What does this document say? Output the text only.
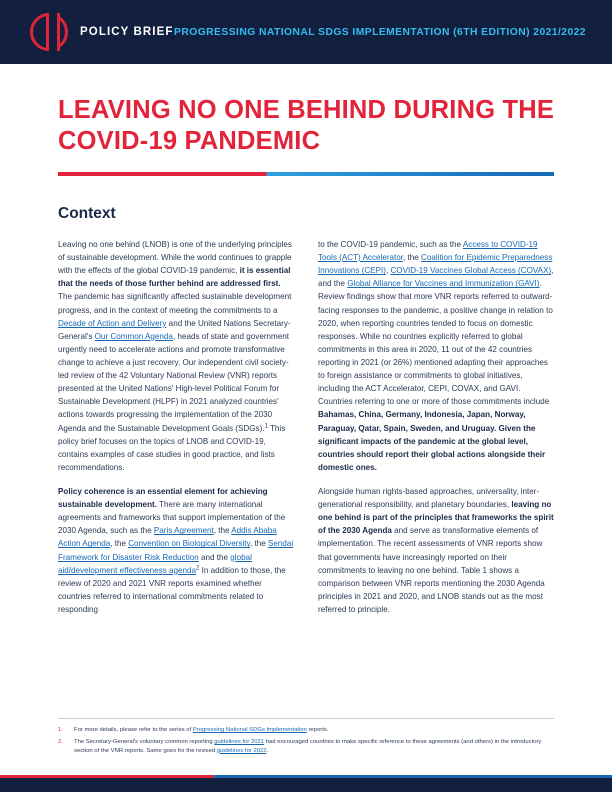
POLICY BRIEF PROGRESSING NATIONAL SDGS IMPLEMENTATION (6TH EDITION) 2021/2022
LEAVING NO ONE BEHIND DURING THE
COVID-19 PANDEMIC
Context

Leaving no one behind (LNOB) is one of the underlying principles of sustainable development. While the world continues to grapple with the effects of the global COVID-19 pandemic, it is essential that the needs of those further behind are addressed first. The pandemic has significantly affected sustainable development progress, and in the context of meeting the commitments to a Decade of Action and Delivery and the United Nations Secretary-General's Our Common Agenda, heads of state and government urgently need to accelerate actions and promote transformative change to achieve a just recovery. Our independent civil society-led review of the 42 Voluntary National Review (VNR) reports presented at the United Nations' High-level Political Forum for Sustainable Development (HLPF) in 2021 analyzed countries' actions towards progressing the implementation of the 2030 Agenda and the Sustainable Development Goals (SDGs).$^1$ This policy brief focuses on the topics of LNOB and COVID-19, contains examples of case studies in good practice, and lists recommendations.

Policy coherence is an essential element for achieving sustainable development. There are many international agreements and frameworks that support implementation of the 2030 Agenda, such as the Paris Agreement, the Addis Ababa Action Agenda, the Convention on Biological Diversity, the Sendai Framework for Disaster Risk Reduction and the global aid/development effectiveness agenda$^2$ In addition to those, the review of 2020 and 2021 VNR reports examined whether countries referred to international commitments related to responding

to the COVID-19 pandemic, such as the Access to COVID-19 Tools (ACT) Accelerator, the Coalition for Epidemic Preparedness Innovations (CEPI), COVID-19 Vaccines Global Access (COVAX), and the Global Alliance for Vaccines and Immunization (GAVI). Review findings show that more VNR reports referred to outward-facing responses to the pandemic, a positive change in relation to 2020, when reporting countries tended to focus on domestic responses. While no countries explicitly referred to global commitments in this area in 2020, 11 out of the 42 countries reporting in 2021 (or 26%) mentioned adapting their approaches to foreign assistance or commitments to global initiatives, including the ACT Accelerator, CEPI, COVAX, and GAVI. Countries referring to one or more of those commitments include Bahamas, China, Germany, Indonesia, Japan, Norway, Paraguay, Qatar, Spain, Sweden, and Uruguay. Given the significant impacts of the pandemic at the global level, countries should report their global actions alongside their domestic ones.

Alongside human rights-based approaches, universality, inter-generational responsibility, and planetary boundaries, leaving no one behind is part of the principles that frameworks the spirit of the 2030 Agenda and serve as transformative elements of implementation. The recent assessments of VNR reports show that governments have increasingly reported on their commitments to leaving no one behind. Table 1 shows a comparison between VNR reports mentioning the 2030 Agenda principles in 2021 and 2020, and LNOB stands out as the most referred to principle.

1.	For more details, please refer to the series of Progressing National SDGs Implementation reports.
2.	The Secretary-General's voluntary common reporting guidelines for 2021 had encouraged countries to make specific reference to these agreements (and others) in the introductory section of the VNR reports. Same goes for the revised guidelines for 2022.
